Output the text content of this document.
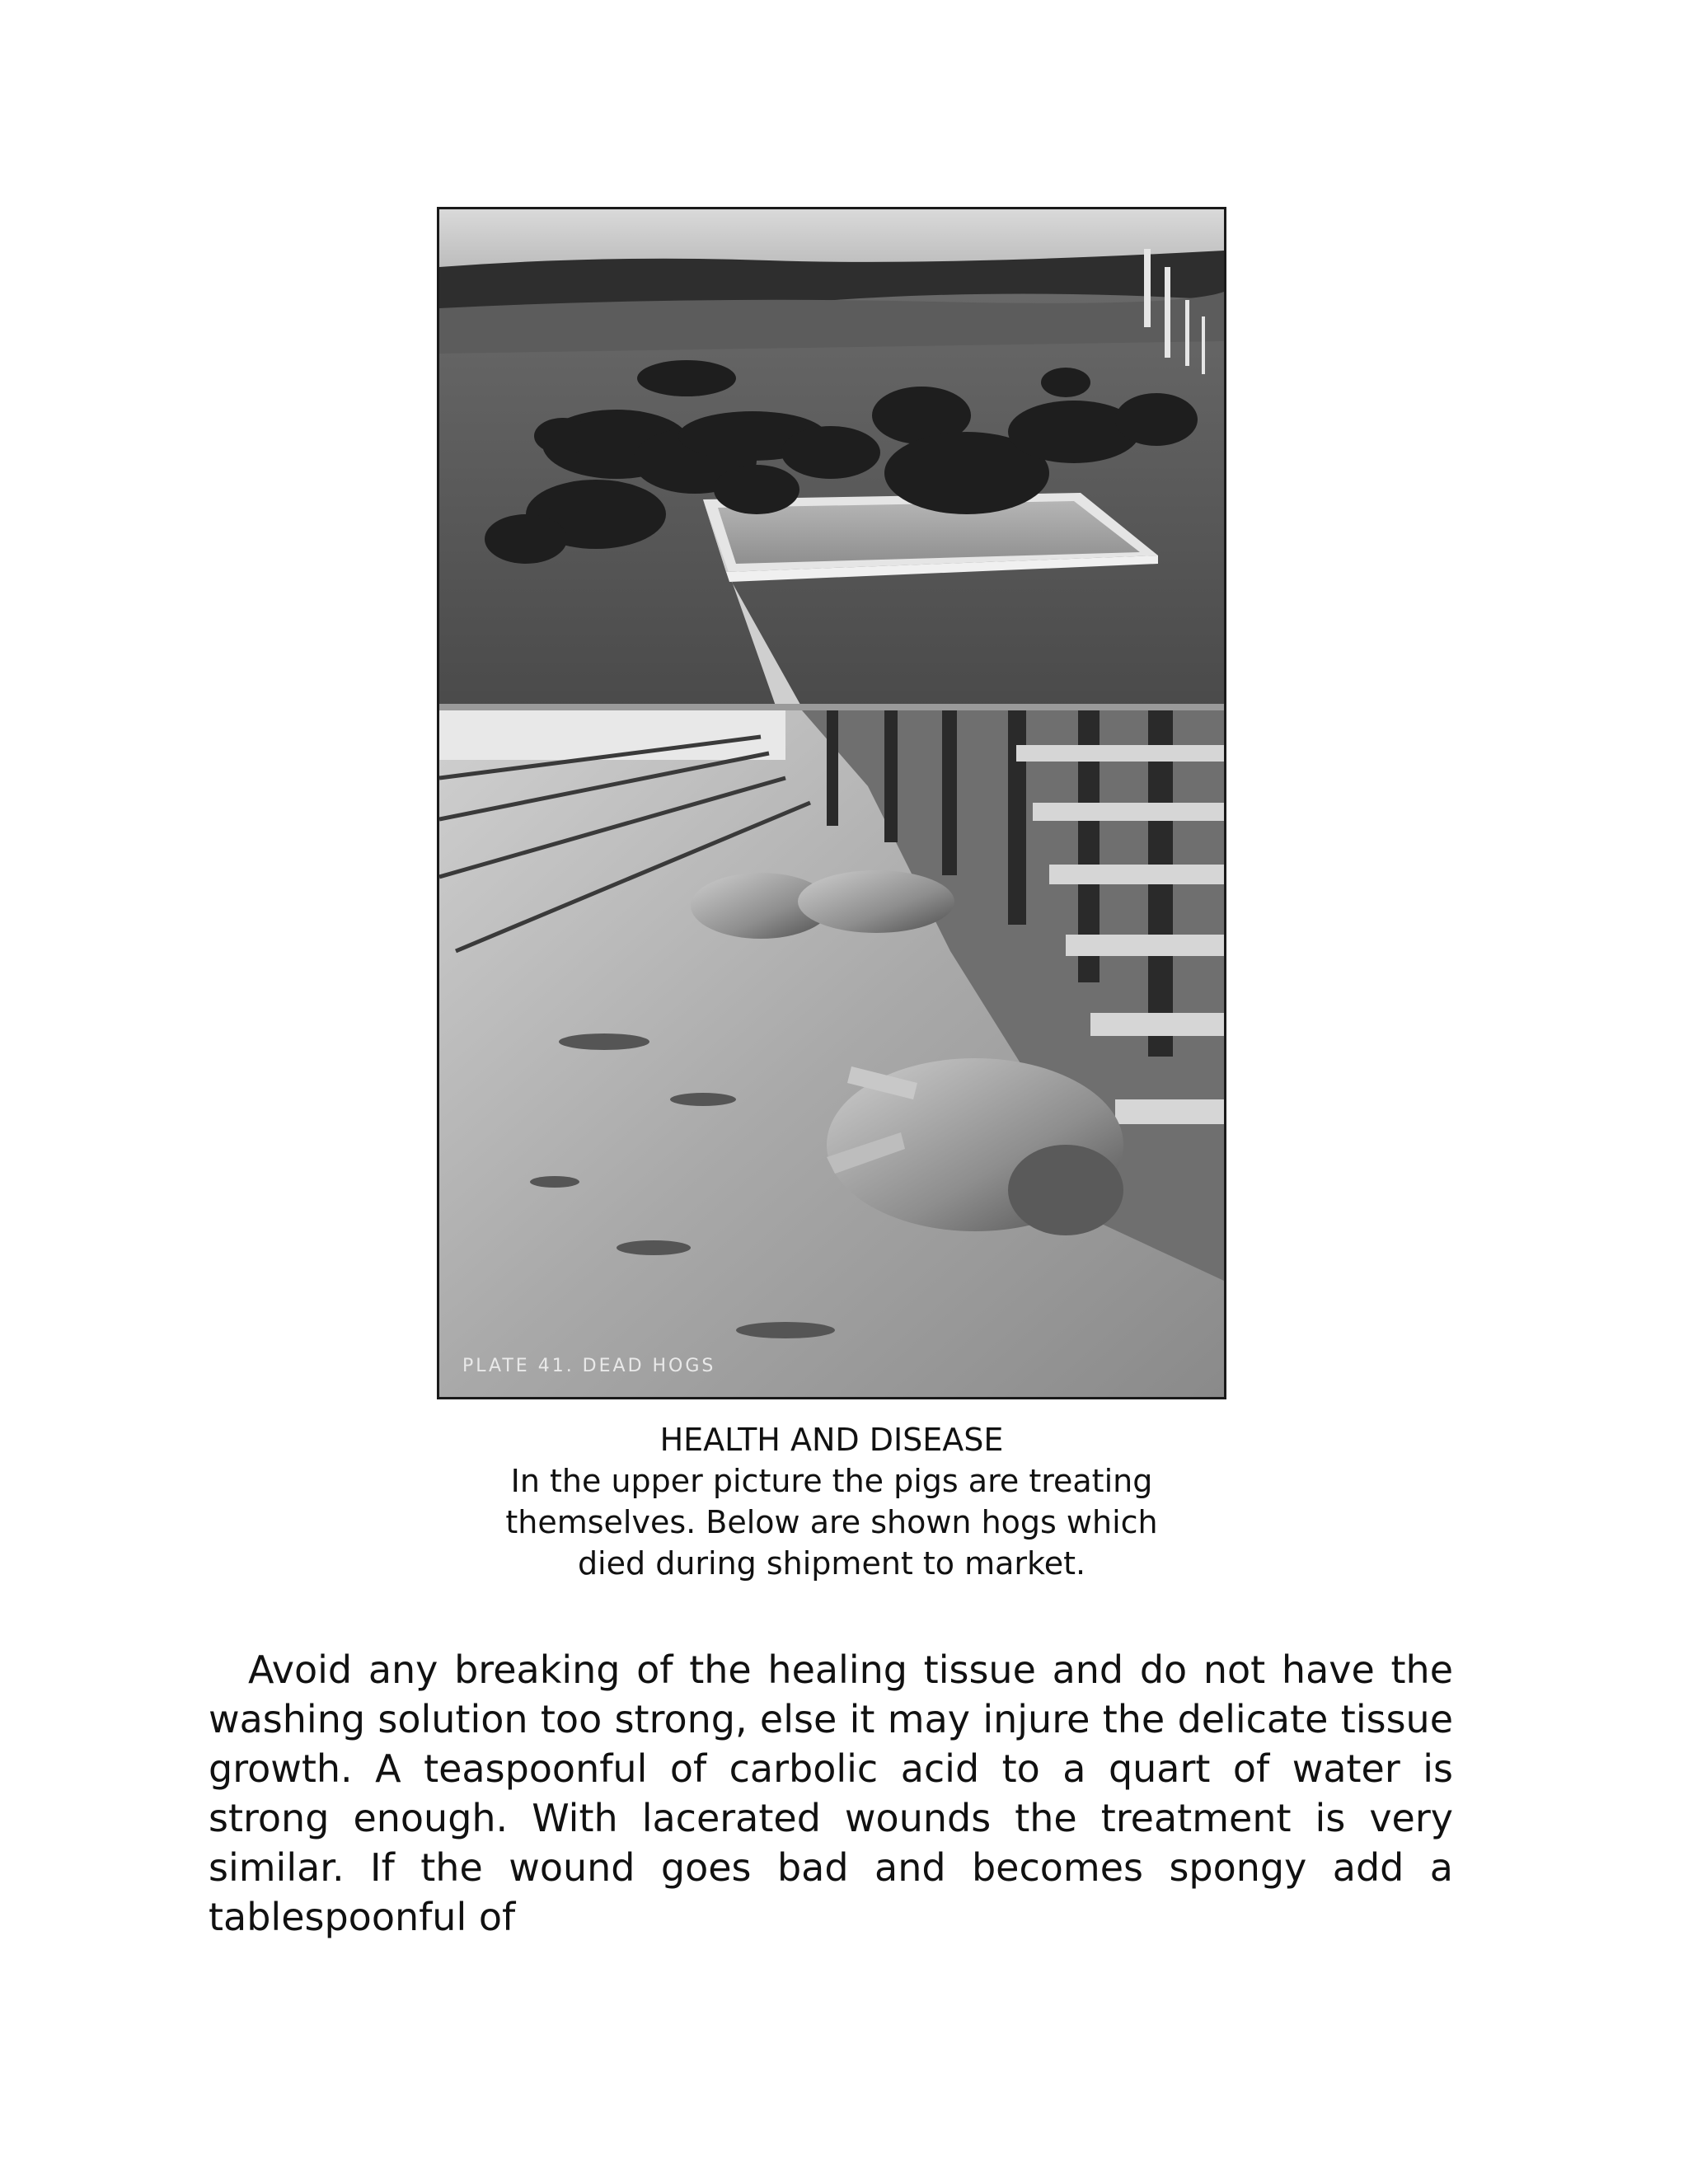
PLATE 41. DEAD HOGS
HEALTH AND DISEASE
In the upper picture the pigs are treating themselves. Below are shown hogs which died during shipment to market.

Avoid any breaking of the healing tissue and do not have the washing solution too strong, else it may injure the delicate tissue growth. A teaspoonful of carbolic acid to a quart of water is strong enough. With lacerated wounds the treatment is very similar. If the wound goes bad and becomes spongy add a tablespoonful of
